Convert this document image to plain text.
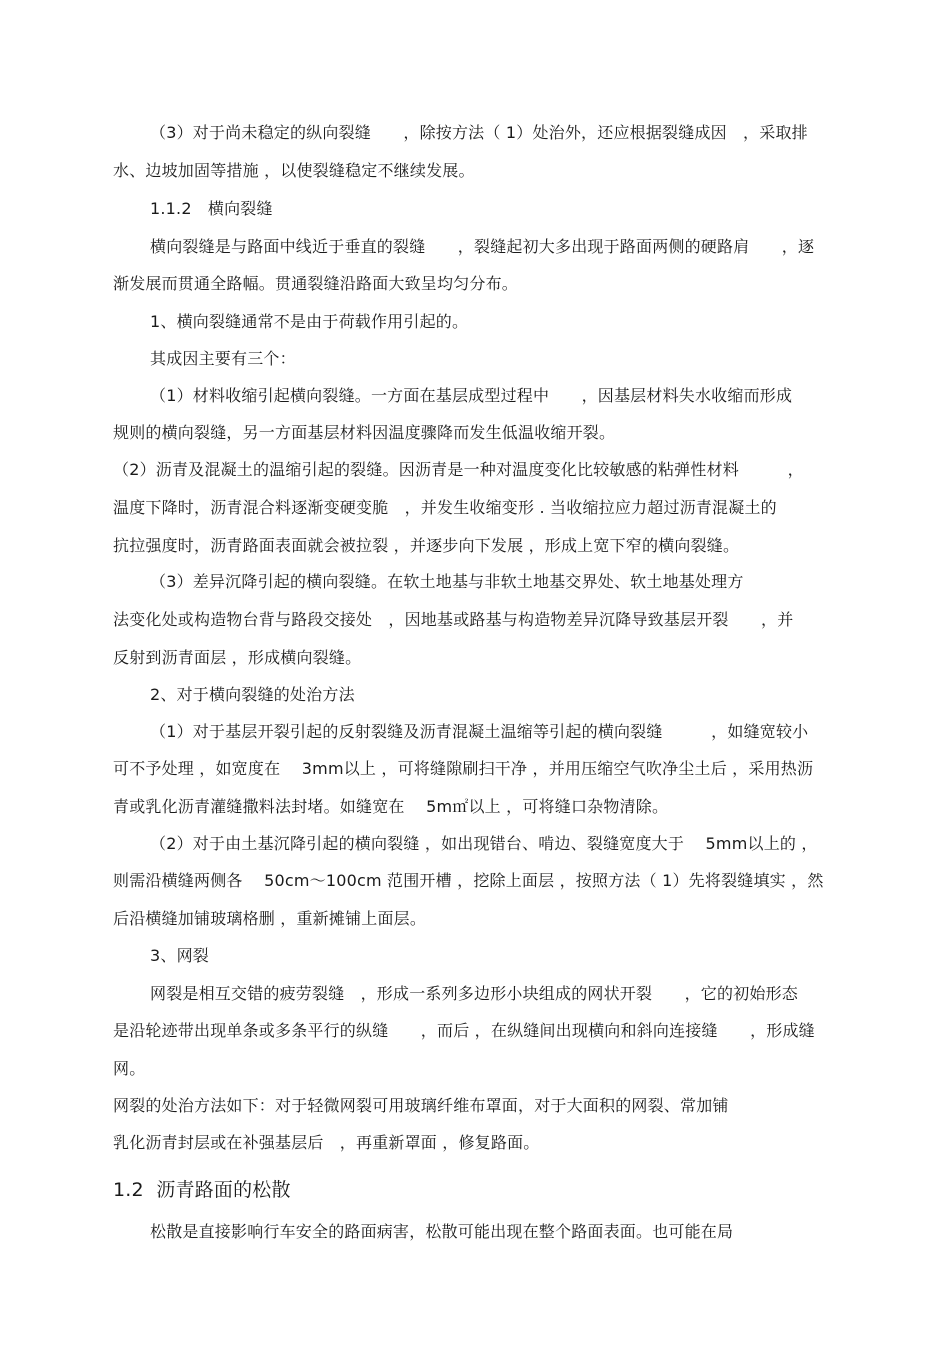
（3）对于尚未稳定的纵向裂缝　　，除按方法（ 1）处治外，还应根据裂缝成因　，采取排
水、边坡加固等措施 ，以使裂缝稳定不继续发展。
1.1.2　横向裂缝
横向裂缝是与路面中线近于垂直的裂缝　　，裂缝起初大多出现于路面两侧的硬路肩　　，逐
渐发展而贯通全路幅。贯通裂缝沿路面大致呈均匀分布。
1、横向裂缝通常不是由于荷载作用引起的。
其成因主要有三个：
（1）材料收缩引起横向裂缝。一方面在基层成型过程中　　，因基层材料失水收缩而形成
规则的横向裂缝，另一方面基层材料因温度骤降而发生低温收缩开裂。
（2）沥青及混凝土的温缩引起的裂缝。因沥青是一种对温度变化比较敏感的粘弹性材料　　　，
温度下降时，沥青混合料逐渐变硬变脆　，并发生收缩变形 . 当收缩拉应力超过沥青混凝土的
抗拉强度时，沥青路面表面就会被拉裂 ，并逐步向下发展 ，形成上宽下窄的横向裂缝。
（3）差异沉降引起的横向裂缝。在软土地基与非软土地基交界处、软土地基处理方
法变化处或构造物台背与路段交接处　，因地基或路基与构造物差异沉降导致基层开裂　　，并
反射到沥青面层 ，形成横向裂缝。
2、对于横向裂缝的处治方法
（1）对于基层开裂引起的反射裂缝及沥青混凝土温缩等引起的横向裂缝　　　，如缝宽较小
可不予处理 ，如宽度在　 3mm以上 ，可将缝隙刷扫干净 ，并用压缩空气吹净尘土后 ，采用热沥
青或乳化沥青灌缝撒料法封堵。如缝宽在　 5m㎡以上 ，可将缝口杂物清除。
（2）对于由土基沉降引起的横向裂缝 ，如出现错台、啃边、裂缝宽度大于　 5mm以上的 ，
则需沿横缝两侧各　 50cm～100cm 范围开槽 ，挖除上面层 ，按照方法（ 1）先将裂缝填实 ，然
后沿横缝加铺玻璃格删 ，重新摊铺上面层。
3、网裂
网裂是相互交错的疲劳裂缝　，形成一系列多边形小块组成的网状开裂　　，它的初始形态
是沿轮迹带出现单条或多条平行的纵缝　　，而后 ，在纵缝间出现横向和斜向连接缝　　，形成缝
网。
网裂的处治方法如下：对于轻微网裂可用玻璃纤维布罩面，对于大面积的网裂、常加铺
乳化沥青封层或在补强基层后　，再重新罩面 ，修复路面。
1.2  沥青路面的松散
松散是直接影响行车安全的路面病害，松散可能出现在整个路面表面。也可能在局
